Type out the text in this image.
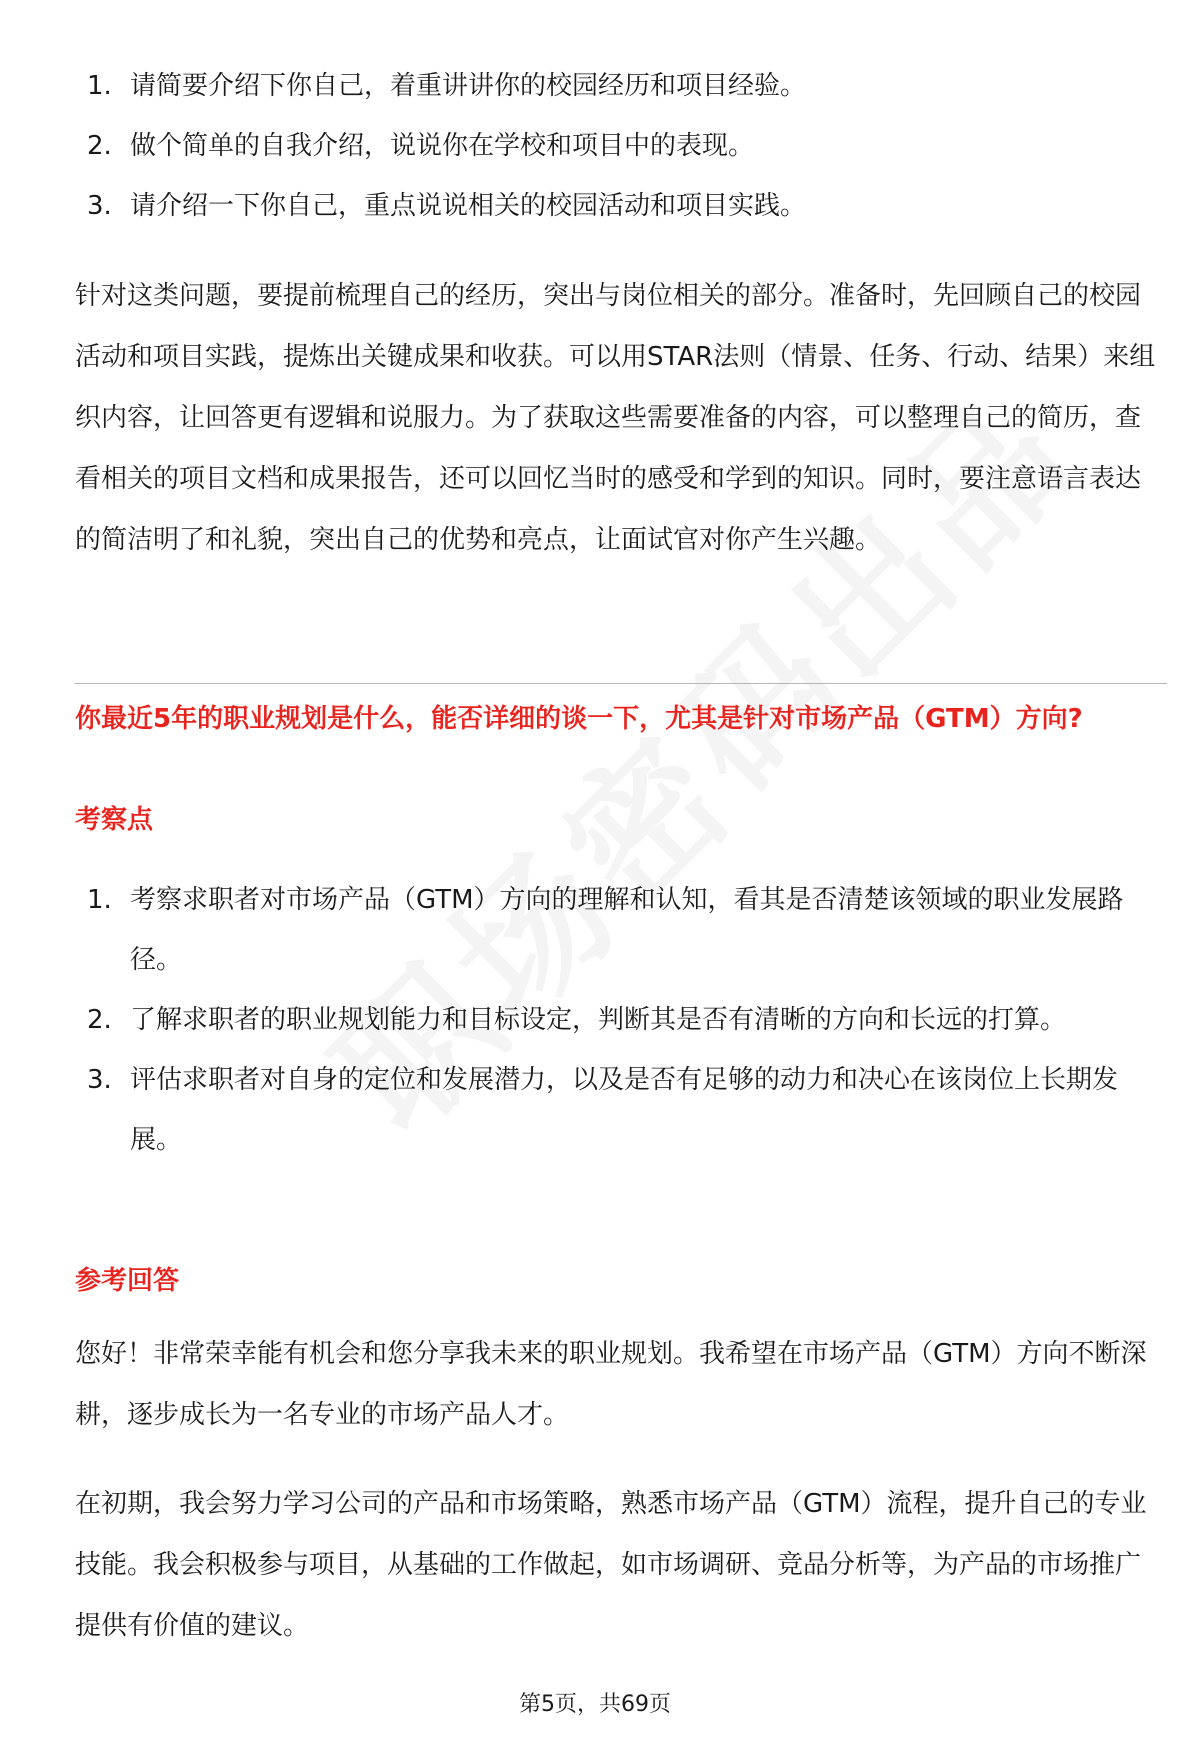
1. 请简要介绍下你自己，着重讲讲你的校园经历和项目经验。
2. 做个简单的自我介绍，说说你在学校和项目中的表现。
3. 请介绍一下你自己，重点说说相关的校园活动和项目实践。

针对这类问题，要提前梳理自己的经历，突出与岗位相关的部分。准备时，先回顾自己的校园活动和项目实践，提炼出关键成果和收获。可以用STAR法则（情景、任务、行动、结果）来组织内容，让回答更有逻辑和说服力。为了获取这些需要准备的内容，可以整理自己的简历，查看相关的项目文档和成果报告，还可以回忆当时的感受和学到的知识。同时，要注意语言表达的简洁明了和礼貌，突出自己的优势和亮点，让面试官对你产生兴趣。

你最近5年的职业规划是什么，能否详细的谈一下，尤其是针对市场产品（GTM）方向?

考察点

1. 考察求职者对市场产品（GTM）方向的理解和认知，看其是否清楚该领域的职业发展路径。
2. 了解求职者的职业规划能力和目标设定，判断其是否有清晰的方向和长远的打算。
3. 评估求职者对自身的定位和发展潜力，以及是否有足够的动力和决心在该岗位上长期发展。

参考回答

您好！非常荣幸能有机会和您分享我未来的职业规划。我希望在市场产品（GTM）方向不断深耕，逐步成长为一名专业的市场产品人才。

在初期，我会努力学习公司的产品和市场策略，熟悉市场产品（GTM）流程，提升自己的专业技能。我会积极参与项目，从基础的工作做起，如市场调研、竞品分析等，为产品的市场推广提供有价值的建议。

第5页，共69页
